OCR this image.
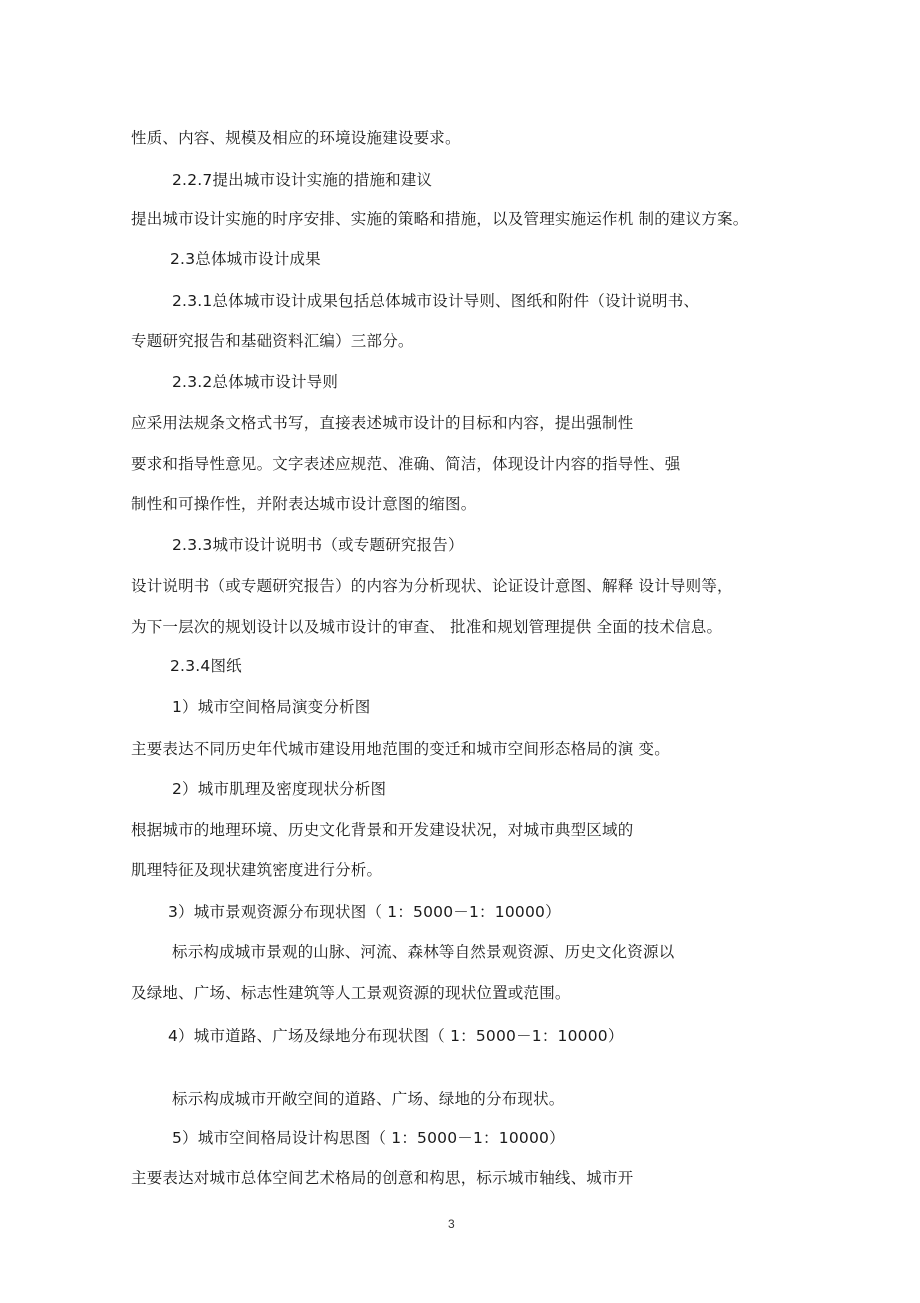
性质、内容、规模及相应的环境设施建设要求。
2.2.7提出城市设计实施的措施和建议
提出城市设计实施的时序安排、实施的策略和措施，以及管理实施运作机 制的建议方案。
2.3总体城市设计成果
2.3.1总体城市设计成果包括总体城市设计导则、图纸和附件（设计说明书、
专题研究报告和基础资料汇编）三部分。
2.3.2总体城市设计导则
应采用法规条文格式书写，直接表述城市设计的目标和内容，提出强制性
要求和指导性意见。文字表述应规范、准确、简洁，体现设计内容的指导性、强
制性和可操作性，并附表达城市设计意图的缩图。
2.3.3城市设计说明书（或专题研究报告）
设计说明书（或专题研究报告）的内容为分析现状、论证设计意图、解释 设计导则等，
为下一层次的规划设计以及城市设计的审查、 批准和规划管理提供 全面的技术信息。
2.3.4图纸
1）城市空间格局演变分析图
主要表达不同历史年代城市建设用地范围的变迁和城市空间形态格局的演 变。
2）城市肌理及密度现状分析图
根据城市的地理环境、历史文化背景和开发建设状况，对城市典型区域的
肌理特征及现状建筑密度进行分析。
3）城市景观资源分布现状图（ 1：5000－1：10000）
标示构成城市景观的山脉、河流、森林等自然景观资源、历史文化资源以
及绿地、广场、标志性建筑等人工景观资源的现状位置或范围。
4）城市道路、广场及绿地分布现状图（ 1：5000－1：10000）
标示构成城市开敞空间的道路、广场、绿地的分布现状。
5）城市空间格局设计构思图（ 1：5000－1：10000）
主要表达对城市总体空间艺术格局的创意和构思，标示城市轴线、城市开
3
